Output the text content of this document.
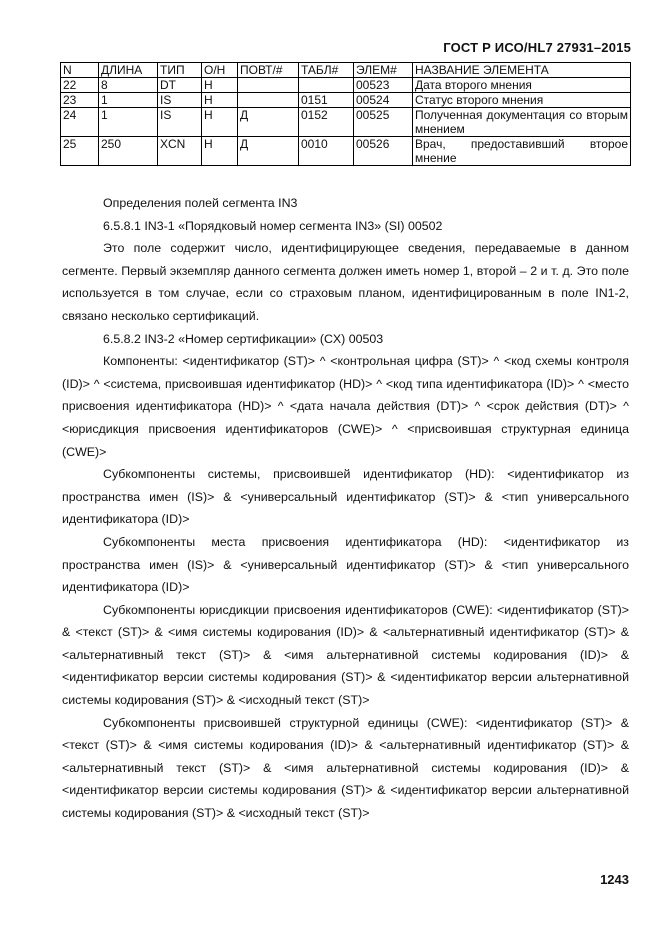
ГОСТ Р ИСО/HL7 27931–2015
N	ДЛИНА	ТИП	О/Н	ПОВТ/#	ТАБЛ#	ЭЛЕМ#	НАЗВАНИЕ ЭЛЕМЕНТА
22	8	DT	Н			00523	Дата второго мнения
23	1	IS	Н		0151	00524	Статус второго мнения
24	1	IS	Н	Д	0152	00525	Полученная документация со вторым мнением
25	250	XCN	Н	Д	0010	00526	Врач, предоставивший второе мнение

Определения полей сегмента IN3

6.5.8.1 IN3-1 «Порядковый номер сегмента IN3» (SI) 00502

Это поле содержит число, идентифицирующее сведения, передаваемые в данном сегменте. Первый экземпляр данного сегмента должен иметь номер 1, второй – 2 и т. д. Это поле используется в том случае, если со страховым планом, идентифицированным в поле IN1-2, связано несколько сертификаций.

6.5.8.2 IN3-2 «Номер сертификации» (CX) 00503

Компоненты: <идентификатор (ST)> ^ <контрольная цифра (ST)> ^ <код схемы контроля (ID)> ^ <система, присвоившая идентификатор (HD)> ^ <код типа идентификатора (ID)> ^ <место присвоения идентификатора (HD)> ^ <дата начала действия (DT)> ^ <срок действия (DT)> ^ <юрисдикция присвоения идентификаторов (CWE)> ^ <присвоившая структурная единица (CWE)>

Субкомпоненты системы, присвоившей идентификатор (HD): <идентификатор из пространства имен (IS)> & <универсальный идентификатор (ST)> & <тип универсального идентификатора (ID)>

Субкомпоненты места присвоения идентификатора (HD): <идентификатор из пространства имен (IS)> & <универсальный идентификатор (ST)> & <тип универсального идентификатора (ID)>

Субкомпоненты юрисдикции присвоения идентификаторов (CWE): <идентификатор (ST)> & <текст (ST)> & <имя системы кодирования (ID)> & <альтернативный идентификатор (ST)> & <альтернативный текст (ST)> & <имя альтернативной системы кодирования (ID)> & <идентификатор версии системы кодирования (ST)> & <идентификатор версии альтернативной системы кодирования (ST)> & <исходный текст (ST)>

Субкомпоненты присвоившей структурной единицы (CWE): <идентификатор (ST)> & <текст (ST)> & <имя системы кодирования (ID)> & <альтернативный идентификатор (ST)> & <альтернативный текст (ST)> & <имя альтернативной системы кодирования (ID)> & <идентификатор версии системы кодирования (ST)> & <идентификатор версии альтернативной системы кодирования (ST)> & <исходный текст (ST)>

1243
